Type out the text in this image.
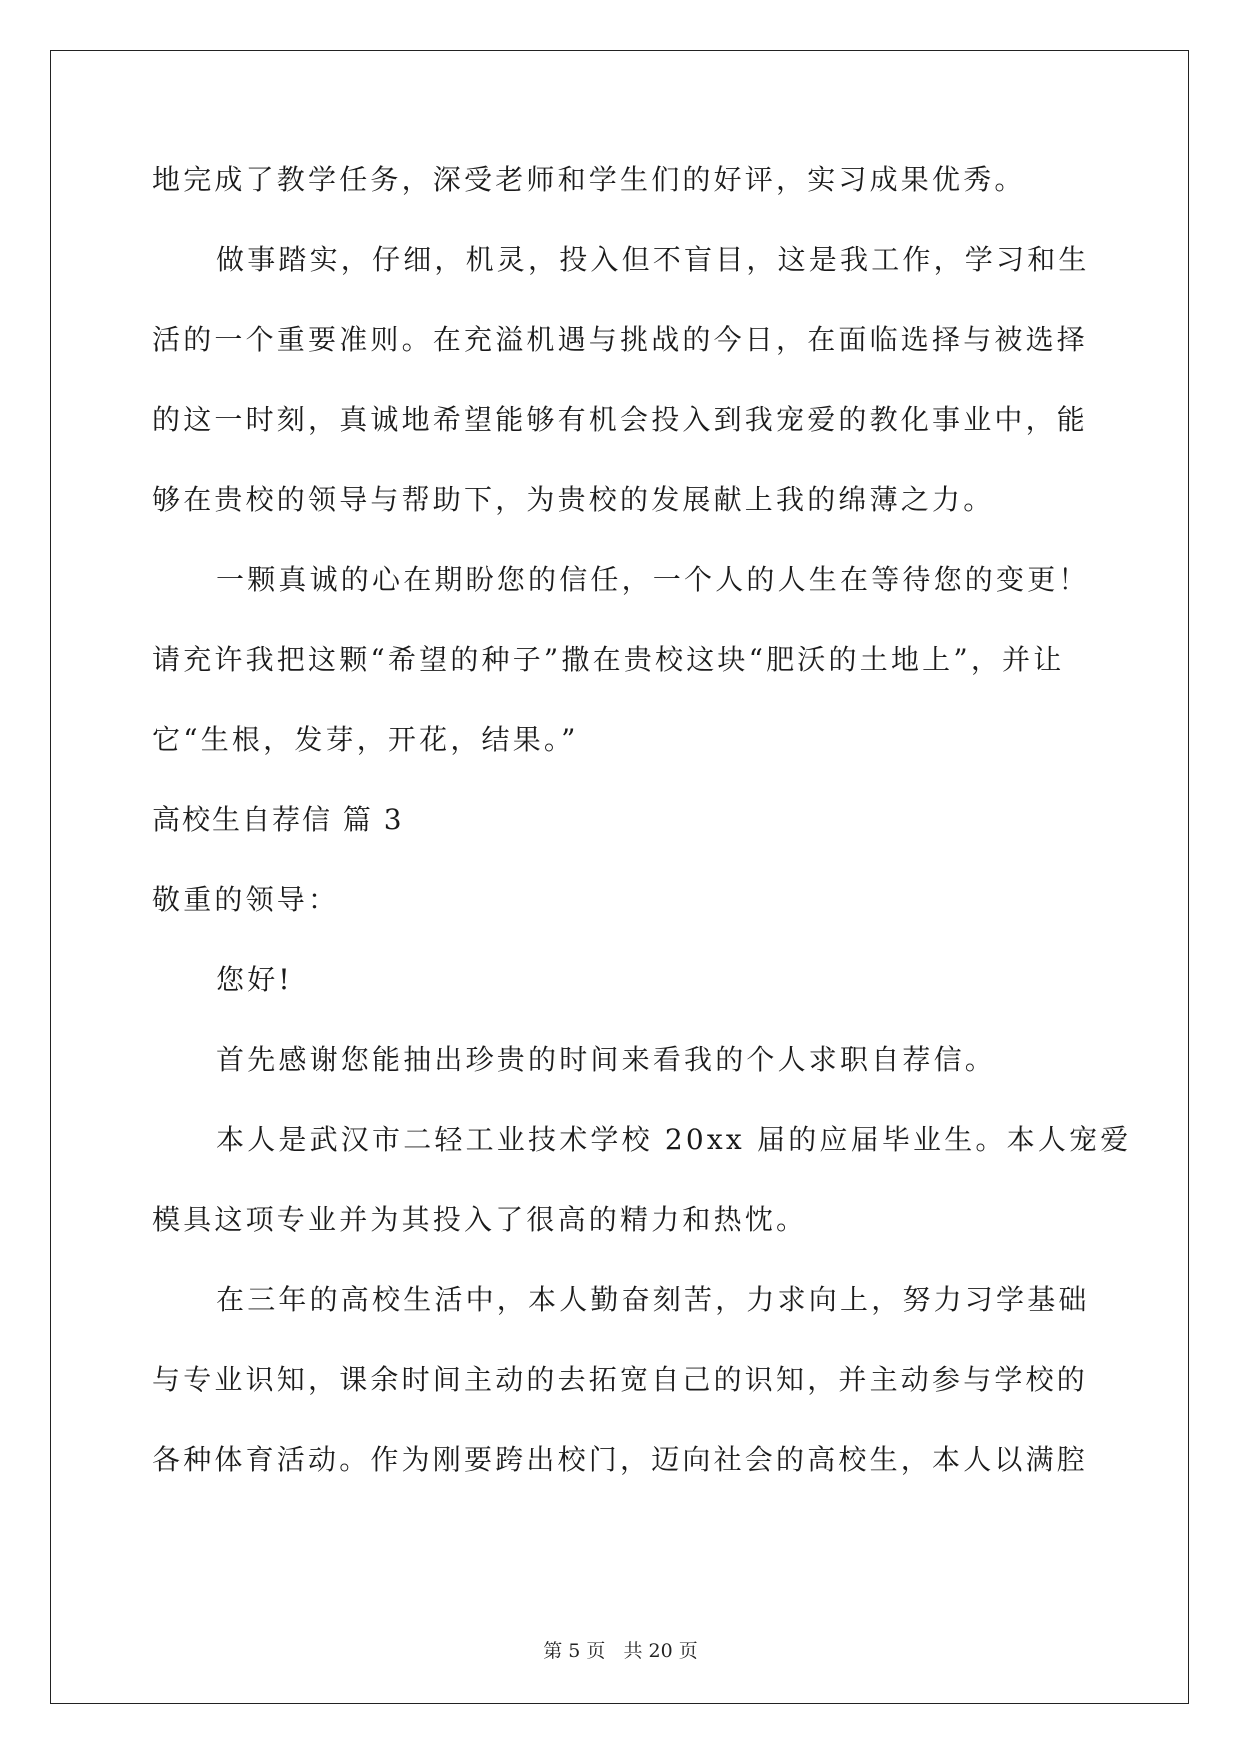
地完成了教学任务，深受老师和学生们的好评，实习成果优秀。
做事踏实，仔细，机灵，投入但不盲目，这是我工作，学习和生
活的一个重要准则。在充溢机遇与挑战的今日，在面临选择与被选择
的这一时刻，真诚地希望能够有机会投入到我宠爱的教化事业中，能
够在贵校的领导与帮助下，为贵校的发展献上我的绵薄之力。
一颗真诚的心在期盼您的信任，一个人的人生在等待您的变更！
请充许我把这颗“希望的种子”撒在贵校这块“肥沃的土地上”，并让
它“生根，发芽，开花，结果。”
高校生自荐信 篇 3
敬重的领导：
您好!
首先感谢您能抽出珍贵的时间来看我的个人求职自荐信。
本人是武汉市二轻工业技术学校 20xx 届的应届毕业生。本人宠爱
模具这项专业并为其投入了很高的精力和热忱。
在三年的高校生活中，本人勤奋刻苦，力求向上，努力习学基础
与专业识知，课余时间主动的去拓宽自己的识知，并主动参与学校的
各种体育活动。作为刚要跨出校门，迈向社会的高校生，本人以满腔
第 5 页 共 20 页
